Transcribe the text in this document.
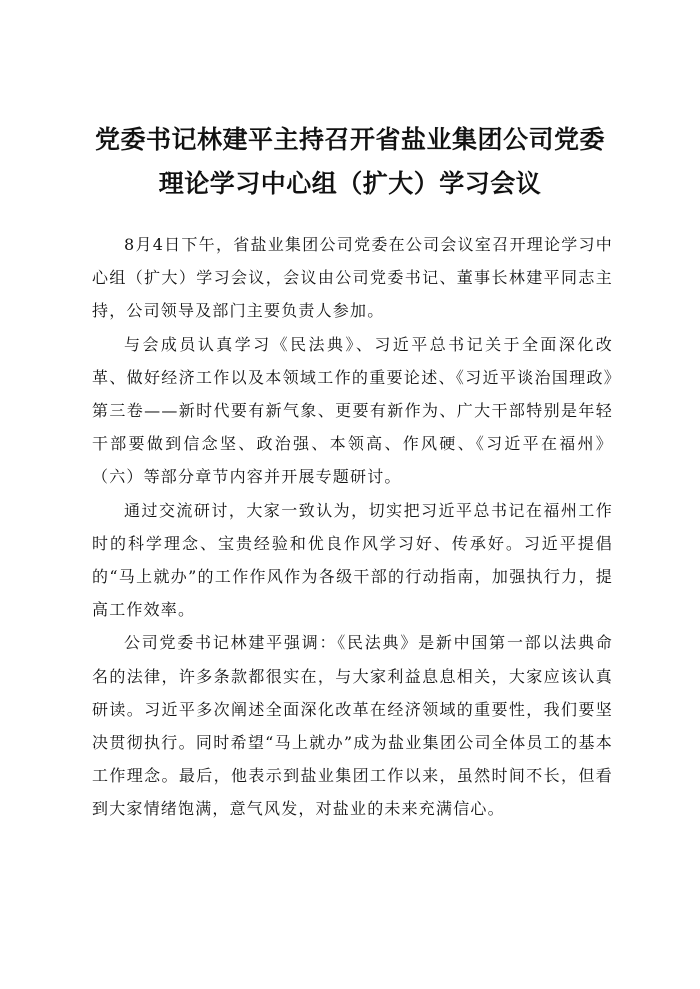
党委书记林建平主持召开省盐业集团公司党委
理论学习中心组（扩大）学习会议

8月4日下午，省盐业集团公司党委在公司会议室召开理论学习中心组（扩大）学习会议，会议由公司党委书记、董事长林建平同志主持，公司领导及部门主要负责人参加。

与会成员认真学习《民法典》、习近平总书记关于全面深化改革、做好经济工作以及本领域工作的重要论述、《习近平谈治国理政》第三卷——新时代要有新气象、更要有新作为、广大干部特别是年轻干部要做到信念坚、政治强、本领高、作风硬、《习近平在福州》（六）等部分章节内容并开展专题研讨。

通过交流研讨，大家一致认为，切实把习近平总书记在福州工作时的科学理念、宝贵经验和优良作风学习好、传承好。习近平提倡的“马上就办”的工作作风作为各级干部的行动指南，加强执行力，提高工作效率。

公司党委书记林建平强调：《民法典》是新中国第一部以法典命名的法律，许多条款都很实在，与大家利益息息相关，大家应该认真研读。习近平多次阐述全面深化改革在经济领域的重要性，我们要坚决贯彻执行。同时希望“马上就办”成为盐业集团公司全体员工的基本工作理念。最后，他表示到盐业集团工作以来，虽然时间不长，但看到大家情绪饱满，意气风发，对盐业的未来充满信心。
